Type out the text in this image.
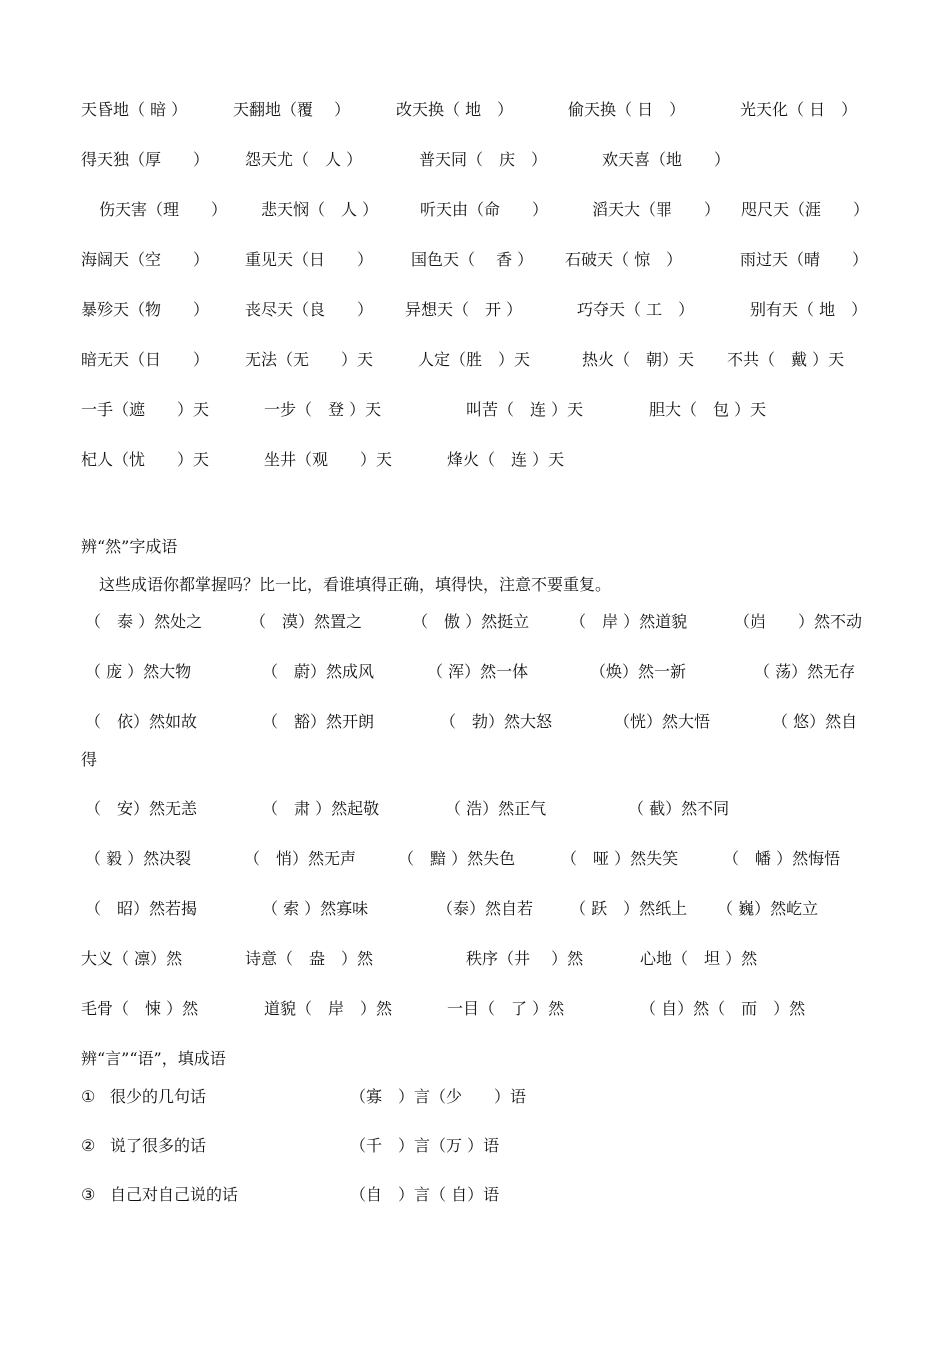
天昏地（ 暗 ）	天翻地（覆　 ）	改天换（ 地　）	偷天换（ 日　）	光天化（ 日　）
得天独（厚　　） 怨天尤（　人 ）	普天同（　庆　）	欢天喜（地　　）
伤天害（理　　） 悲天悯（　人 ）	听天由（命　　）	滔天大（罪　　） 咫尺天（涯　　）
海阔天（空　　） 重见天（日　　） 国色天（　 香 ） 石破天（ 惊　）	雨过天（晴　　）
暴殄天（物　　） 丧尽天（良　　） 异想天（　开 ）	巧夺天（ 工　）	别有天（ 地　）
暗无天（日　　） 无法（无　　）天	人定（胜　）天	热火（　朝）天 不共（　戴 ）天
一手（遮　　）天	一步（　登 ）天	叫苦（　连 ）天	胆大（　包 ）天
杞人（忧　　）天	坐井（观　　）天	烽火（　连 ）天
辨“然”字成语
这些成语你都掌握吗？比一比，看谁填得正确，填得快，注意不要重复。
（　泰 ）然处之	（　漠）然置之	（　傲 ）然挺立	（　岸 ）然道貌	（岿　　）然不动
（ 庞 ）然大物	（　蔚）然成风	（ 浑）然一体	（焕）然一新	（ 荡）然无存
（　依）然如故	（　豁）然开朗	（　勃）然大怒	（恍）然大悟	（ 悠）然自
得
（　安）然无恙	（　肃 ）然起敬	（ 浩）然正气	（ 截）然不同
（ 毅 ）然决裂	（　悄）然无声	（　黯 ）然失色	（　哑 ）然失笑	（　幡 ）然悔悟
（　昭）然若揭	（ 索 ）然寡味	（泰）然自若 （ 跃　）然纸上 （ 巍）然屹立
大义（ 凛）然	诗意（　盎　）然	秩序（井　 ）然	心地（　坦 ）然
毛骨（　悚 ）然	道貌（　岸　）然	一目（　了 ）然	（ 自）然（　而　）然
辨“言”“语”，填成语
① 很少的几句话	（寡　）言（少　　）语
② 说了很多的话	（千　）言（万 ）语
③ 自己对自己说的话	（自　）言（ 自）语
